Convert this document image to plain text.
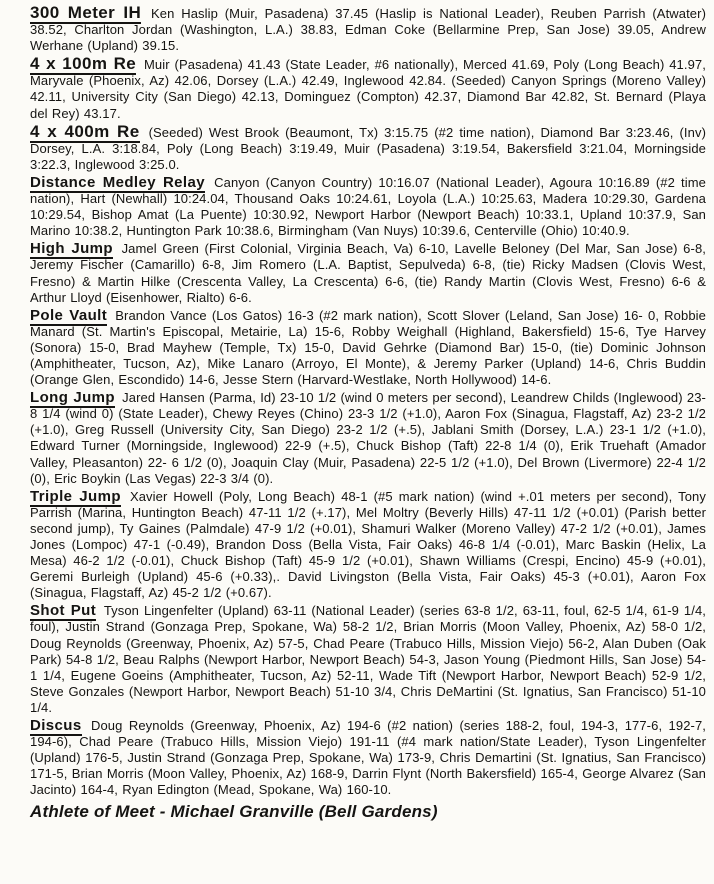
300 Meter IH Ken Haslip (Muir, Pasadena) 37.45 (Haslip is National Leader), Reuben Parrish (Atwater) 38.52, Charlton Jordan (Washington, L.A.) 38.83, Edman Coke (Bellarmine Prep, San Jose) 39.05, Andrew Werhane (Upland) 39.15.

4 x 100m Re Muir (Pasadena) 41.43 (State Leader, #6 nationally), Merced 41.69, Poly (Long Beach) 41.97, Maryvale (Phoenix, Az) 42.06, Dorsey (L.A.) 42.49, Inglewood 42.84. (Seeded) Canyon Springs (Moreno Valley) 42.11, University City (San Diego) 42.13, Dominguez (Compton) 42.37, Diamond Bar 42.82, St. Bernard (Playa del Rey) 43.17.

4 x 400m Re (Seeded) West Brook (Beaumont, Tx) 3:15.75 (#2 time nation), Diamond Bar 3:23.46, (Inv) Dorsey, L.A. 3:18.84, Poly (Long Beach) 3:19.49, Muir (Pasadena) 3:19.54, Bakersfield 3:21.04, Morningside 3:22.3, Inglewood 3:25.0.

Distance Medley Relay Canyon (Canyon Country) 10:16.07 (National Leader), Agoura 10:16.89 (#2 time nation), Hart (Newhall) 10:24.04, Thousand Oaks 10:24.61, Loyola (L.A.) 10:25.63, Madera 10:29.30, Gardena 10:29.54, Bishop Amat (La Puente) 10:30.92, Newport Harbor (Newport Beach) 10:33.1, Upland 10:37.9, San Marino 10:38.2, Huntington Park 10:38.6, Birmingham (Van Nuys) 10:39.6, Centerville (Ohio) 10:40.9.

High Jump Jamel Green (First Colonial, Virginia Beach, Va) 6-10, Lavelle Beloney (Del Mar, San Jose) 6-8, Jeremy Fischer (Camarillo) 6-8, Jim Romero (L.A. Baptist, Sepulveda) 6-8, (tie) Ricky Madsen (Clovis West, Fresno) & Martin Hilke (Crescenta Valley, La Crescenta) 6-6, (tie) Randy Martin (Clovis West, Fresno) 6-6 & Arthur Lloyd (Eisenhower, Rialto) 6-6.

Pole Vault Brandon Vance (Los Gatos) 16-3 (#2 mark nation), Scott Slover (Leland, San Jose) 16- 0, Robbie Manard (St. Martin's Episcopal, Metairie, La) 15-6, Robby Weighall (Highland, Bakersfield) 15-6, Tye Harvey (Sonora) 15-0, Brad Mayhew (Temple, Tx) 15-0, David Gehrke (Diamond Bar) 15-0, (tie) Dominic Johnson (Amphitheater, Tucson, Az), Mike Lanaro (Arroyo, El Monte), & Jeremy Parker (Upland) 14-6, Chris Buddin (Orange Glen, Escondido) 14-6, Jesse Stern (Harvard-Westlake, North Hollywood) 14-6.

Long Jump Jared Hansen (Parma, Id) 23-10 1/2 (wind 0 meters per second), Leandrew Childs (Inglewood) 23-8 1/4 (wind 0) (State Leader), Chewy Reyes (Chino) 23-3 1/2 (+1.0), Aaron Fox (Sinagua, Flagstaff, Az) 23-2 1/2 (+1.0), Greg Russell (University City, San Diego) 23-2 1/2 (+.5), Jablani Smith (Dorsey, L.A.) 23-1 1/2 (+1.0), Edward Turner (Morningside, Inglewood) 22-9 (+.5), Chuck Bishop (Taft) 22-8 1/4 (0), Erik Truehaft (Amador Valley, Pleasanton) 22- 6 1/2 (0), Joaquin Clay (Muir, Pasadena) 22-5 1/2 (+1.0), Del Brown (Livermore) 22-4 1/2 (0), Eric Boykin (Las Vegas) 22-3 3/4 (0).

Triple Jump Xavier Howell (Poly, Long Beach) 48-1 (#5 mark nation) (wind +.01 meters per second), Tony Parrish (Marina, Huntington Beach) 47-11 1/2 (+.17), Mel Moltry (Beverly Hills) 47-11 1/2 (+0.01) (Parish better second jump), Ty Gaines (Palmdale) 47-9 1/2 (+0.01), Shamuri Walker (Moreno Valley) 47-2 1/2 (+0.01), James Jones (Lompoc) 47-1 (-0.49), Brandon Doss (Bella Vista, Fair Oaks) 46-8 1/4 (-0.01), Marc Baskin (Helix, La Mesa) 46-2 1/2 (-0.01), Chuck Bishop (Taft) 45-9 1/2 (+0.01), Shawn Williams (Crespi, Encino) 45-9 (+0.01), Geremi Burleigh (Upland) 45-6 (+0.33),. David Livingston (Bella Vista, Fair Oaks) 45-3 (+0.01), Aaron Fox (Sinagua, Flagstaff, Az) 45-2 1/2 (+0.67).

Shot Put Tyson Lingenfelter (Upland) 63-11 (National Leader) (series 63-8 1/2, 63-11, foul, 62-5 1/4, 61-9 1/4, foul), Justin Strand (Gonzaga Prep, Spokane, Wa) 58-2 1/2, Brian Morris (Moon Valley, Phoenix, Az) 58-0 1/2, Doug Reynolds (Greenway, Phoenix, Az) 57-5, Chad Peare (Trabuco Hills, Mission Viejo) 56-2, Alan Duben (Oak Park) 54-8 1/2, Beau Ralphs (Newport Harbor, Newport Beach) 54-3, Jason Young (Piedmont Hills, San Jose) 54-1 1/4, Eugene Goeins (Amphitheater, Tucson, Az) 52-11, Wade Tift (Newport Harbor, Newport Beach) 52-9 1/2, Steve Gonzales (Newport Harbor, Newport Beach) 51-10 3/4, Chris DeMartini (St. Ignatius, San Francisco) 51-10 1/4.

Discus Doug Reynolds (Greenway, Phoenix, Az) 194-6 (#2 nation) (series 188-2, foul, 194-3, 177-6, 192-7, 194-6), Chad Peare (Trabuco Hills, Mission Viejo) 191-11 (#4 mark nation/State Leader), Tyson Lingenfelter (Upland) 176-5, Justin Strand (Gonzaga Prep, Spokane, Wa) 173-9, Chris Demartini (St. Ignatius, San Francisco) 171-5, Brian Morris (Moon Valley, Phoenix, Az) 168-9, Darrin Flynt (North Bakersfield) 165-4, George Alvarez (San Jacinto) 164-4, Ryan Edington (Mead, Spokane, Wa) 160-10.

Athlete of Meet - Michael Granville (Bell Gardens)
